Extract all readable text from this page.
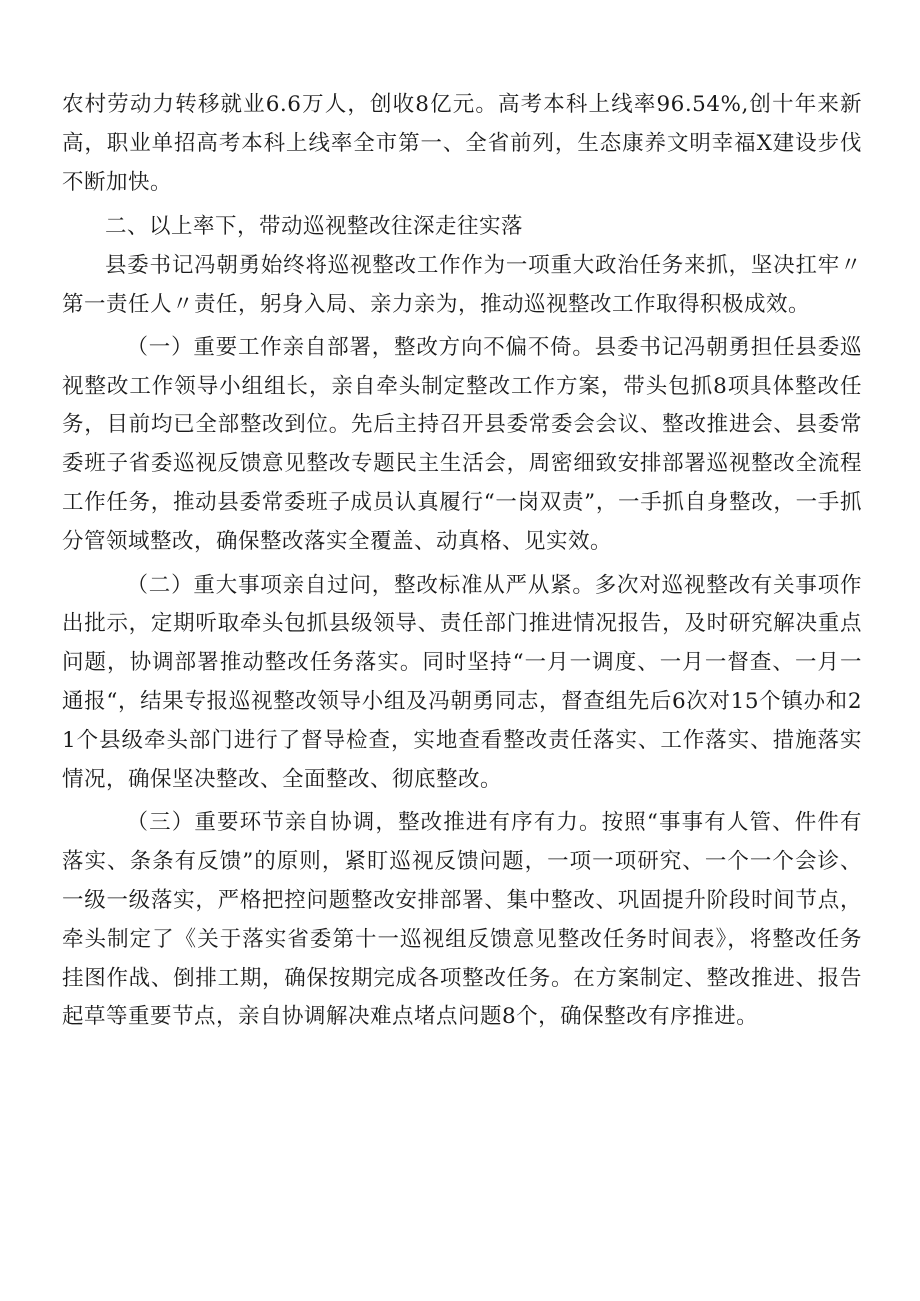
农村劳动力转移就业6.6万人，创收8亿元。高考本科上线率96.54%,创十年来新高，职业单招高考本科上线率全市第一、全省前列，生态康养文明幸福X建设步伐不断加快。

二、以上率下，带动巡视整改往深走往实落

县委书记冯朝勇始终将巡视整改工作作为一项重大政治任务来抓，坚决扛牢〃第一责任人〃责任，躬身入局、亲力亲为，推动巡视整改工作取得积极成效。

（一）重要工作亲自部署，整改方向不偏不倚。县委书记冯朝勇担任县委巡视整改工作领导小组组长，亲自牵头制定整改工作方案，带头包抓8项具体整改任务，目前均已全部整改到位。先后主持召开县委常委会会议、整改推进会、县委常委班子省委巡视反馈意见整改专题民主生活会，周密细致安排部署巡视整改全流程工作任务，推动县委常委班子成员认真履行“一岗双责”，一手抓自身整改，一手抓分管领域整改，确保整改落实全覆盖、动真格、见实效。

（二）重大事项亲自过问，整改标准从严从紧。多次对巡视整改有关事项作出批示，定期听取牵头包抓县级领导、责任部门推进情况报告，及时研究解决重点问题，协调部署推动整改任务落实。同时坚持“一月一调度、一月一督查、一月一通报“，结果专报巡视整改领导小组及冯朝勇同志，督查组先后6次对15个镇办和21个县级牵头部门进行了督导检查，实地查看整改责任落实、工作落实、措施落实情况，确保坚决整改、全面整改、彻底整改。

（三）重要环节亲自协调，整改推进有序有力。按照“事事有人管、件件有落实、条条有反馈”的原则，紧盯巡视反馈问题，一项一项研究、一个一个会诊、一级一级落实，严格把控问题整改安排部署、集中整改、巩固提升阶段时间节点，牵头制定了《关于落实省委第十一巡视组反馈意见整改任务时间表》，将整改任务挂图作战、倒排工期，确保按期完成各项整改任务。在方案制定、整改推进、报告起草等重要节点，亲自协调解决难点堵点问题8个，确保整改有序推进。
